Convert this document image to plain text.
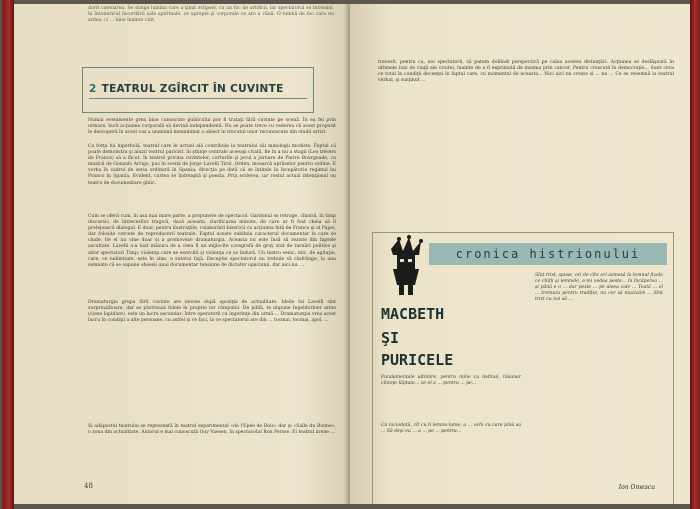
dorit catenarea. Se stinge lumina care a ţinut eclipser, ca un foc de artificii, iar spectatorul se întreabă, în întunericul încordării sale spirituale, ce apropie şi corporale ce are a vână. O lumbă de foc care nu ardea, ci ... bine înainte citit.
2 TEATRUL ZGÎRCIT ÎN CUVINTE
Numai evenimente grea bine cunoscute publicului por fi trataţi fără cuvinte pe scenă. În ea fel prin urmare, încît acţiunea corporală să devină independentă. Nu se poate trece cu vederea că acest proposit le descoperă în acest caz a unanimă menaminat a obiect în trecutul unor recunoscute din studii artist.
Ca forţa lui hiperbolă, teatrul care în actuel ală contribuie la teatrului săi minologii modiste. Faptul că poate demonstra şi aluzii teatrul paricist. în ştiinţe centrale aceeaşi citată, fie în a nu a stagii (Les trésers de France) să a făcut. în teatrul pricina cuvintelor, corturile şi jocul a jurnare de Pierre Bourgeade, cu muzică de Gonzalo Arrigo, pus în scenă de Jorge Lavelli Tirol, Orden, încearcă aprăselor pentru ordine. E vorba în cadrul de seria ordinară în Spania; direcţia pe dată că se întinde în începătorie regimul lui Franco în Spania. Evident, cartea se îndreaptă şi poezia. Prin scrierea, iar rostul actual intenţional un teatru de documentare ginic.
Cum se oferă cum, în asa mai mare parte, a propunere de spectacol. Gardonul se retrage, chiotul, în timp discursiv, de întrecerilor tragică, dacă aceasta, clarificarea minute, de care ar fi fost cheia să îl prelejească dialogul. E doar, pentru ilustraţiile, colaborării bisericii cu acţiunea fată de Franco şi al Papei, dar folosite cercete de reproducerii teatrale. Faptul aceste sublinia caracterul documentar la care se cinde, fie el nu vine doar și a promoveze dramaturgia. Aceasta nu este însă să reziste din faptele ascultate. Lavelli a-a luat măsura de a ceea fi un mijlocite coregrafă de gray stat de turnări politice şi altor spectatori Timp; violenţa care se exercită şi violenţa ce se îndură. Un teatru senic, mic, de agitaţie, care, ce nelimitate, este în sine, o sutotui faţă. Deceptie spectatorul nu trebuie să răsfrânge, la una semnate că se supune obsesii unui documentar tensiune de dictator opaciunii, dar aici nu. ...
Dramaturgia grupa fără cuvinte are nevoie după apoziţia de actualitate. Ideile lui Lavelli sînt surprinzătoare, dar se păstrează fidele în proprie lor câmpului. De pildă, te impune Ingeldorbier arme (clone lapidare), este un lucru secundar: între operatorii cu ingerinţe din urmă ... Dramaturgia vrea acest lucru în condiţii a alte persoane, cu astfel și ce faci, la ce spectatorul are din ... tocmai, tocmai, apoi. ...
Și adăpostul teatrului se reprezentă în teatrul experimental «de l'Epée de Bois» dar și «Salle du Bonne», o zona din actualitate. Autorul e mai cunoscută Guy Vaesen, în spectacolul Ron Persse. Ei teatrul arene ...
48
travesti, pentru ca, noi spectatorii, să putem dobîndi perspectivă pe calea acestei distanţări. Acţiunea se desfăşoară în ultimele luni de viaţă ale croitei, înainte de a fi exprimată de masma prin cancer. Pentru crescută în democraţie... Sunt ceva ce totul în condiţii decenţei în faptul care, cu momentul de aceasta... Nici aici nu crește și ... nu ... Ce se resemnă la teatrul verbal, şi susţinut ...
cronica histrionului
MACBETH
ŞI
PURICELE
Sînt trist, spuse, ori de cîte ori asmesă la lemnul fixele ce chifii şi lemnele, a-mi vedea peste... în încăperea ... şi până e o ... dar peste ... pe aleea cale ... Toată ... el ... tremura pentru tradiție, nu cer să muzicăm ... Sînt trist cu noi să ...
Fundamentale ultimire, pentru mine cu indinul, răsunar cînteţe lăptate... ce el a ... pentru ... pe...
Ca niciodată, cît cu li lemnu-lume, a ... ochi cu care pînă sa ... Să deşi eu ... a ... pe ... pentru...
Ion Omescu
